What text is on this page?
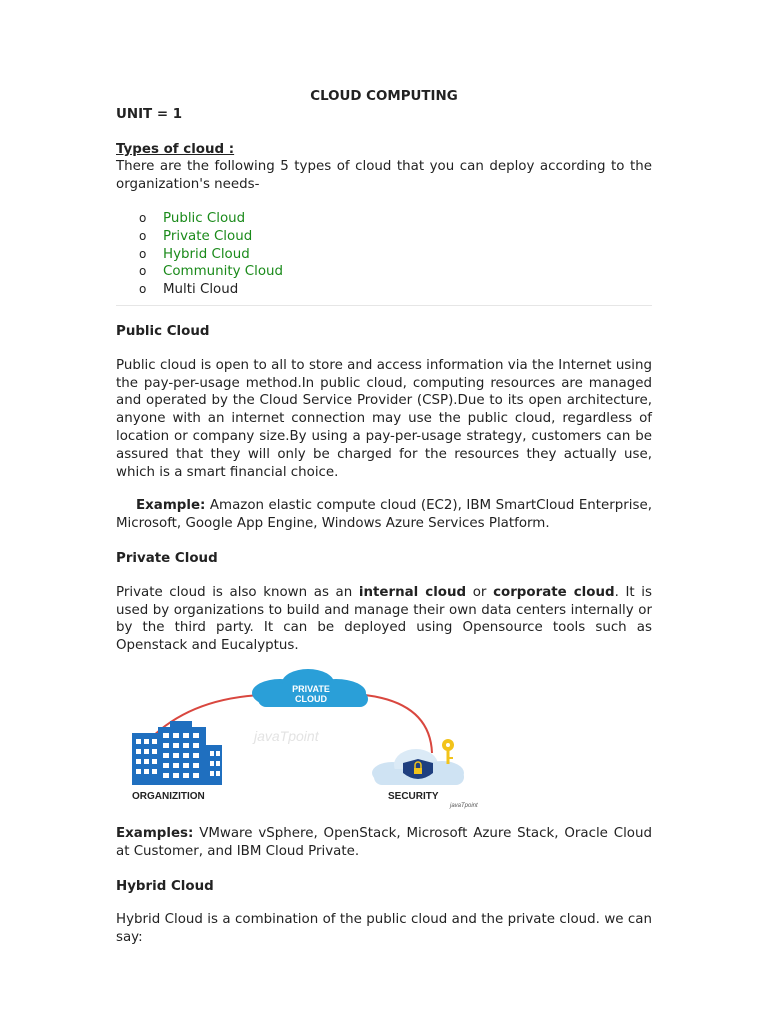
CLOUD COMPUTING

UNIT = 1

Types of cloud :

There are the following 5 types of cloud that you can deploy according to the organization's needs-

o Public Cloud
o Private Cloud
o Hybrid Cloud
o Community Cloud
o Multi Cloud

Public Cloud

Public cloud is open to all to store and access information via the Internet using the pay-per-usage method.In public cloud, computing resources are managed and operated by the Cloud Service Provider (CSP).Due to its open architecture, anyone with an internet connection may use the public cloud, regardless of location or company size.By using a pay-per-usage strategy, customers can be assured that they will only be charged for the resources they actually use, which is a smart financial choice.

Example: Amazon elastic compute cloud (EC2), IBM SmartCloud Enterprise, Microsoft, Google App Engine, Windows Azure Services Platform.

Private Cloud

Private cloud is also known as an internal cloud or corporate cloud. It is used by organizations to build and manage their own data centers internally or by the third party. It can be deployed using Opensource tools such as Openstack and Eucalyptus.

PRIVATE
CLOUD
javaTpoint
ORGANIZITION	SECURITY
javaTpoint

Examples: VMware vSphere, OpenStack, Microsoft Azure Stack, Oracle Cloud at Customer, and IBM Cloud Private.

Hybrid Cloud

Hybrid Cloud is a combination of the public cloud and the private cloud. we can say:
